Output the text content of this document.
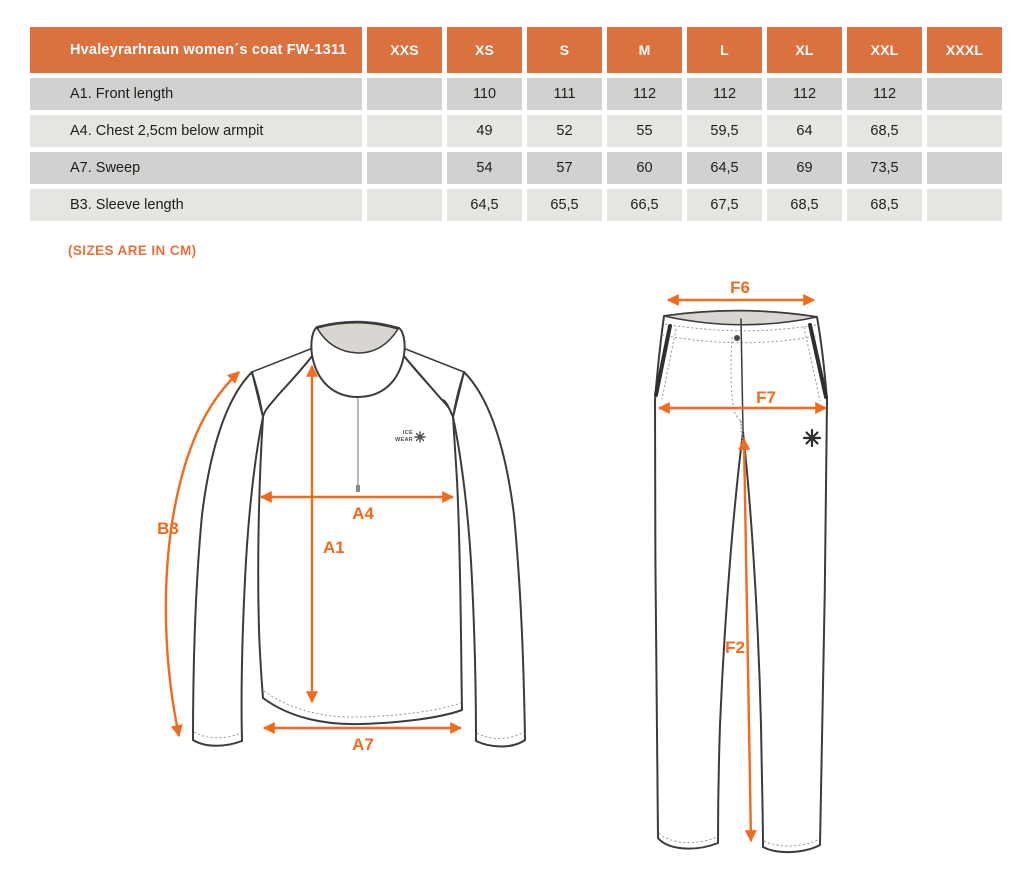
Hvaleyrarhraun women´s coat FW-1311	XXS	XS	S	M	L	XL	XXL	XXXL
A1. Front length		110	111	112	112	112	112	
A4. Chest 2,5cm below armpit		49	52	55	59,5	64	68,5	
A7. Sweep		54	57	60	64,5	69	73,5	
B3. Sleeve length		64,5	65,5	66,5	67,5	68,5	68,5	
(SIZES ARE IN CM)
ICE
WEAR
B3
A1
A4
A7
F6
F7
F2
